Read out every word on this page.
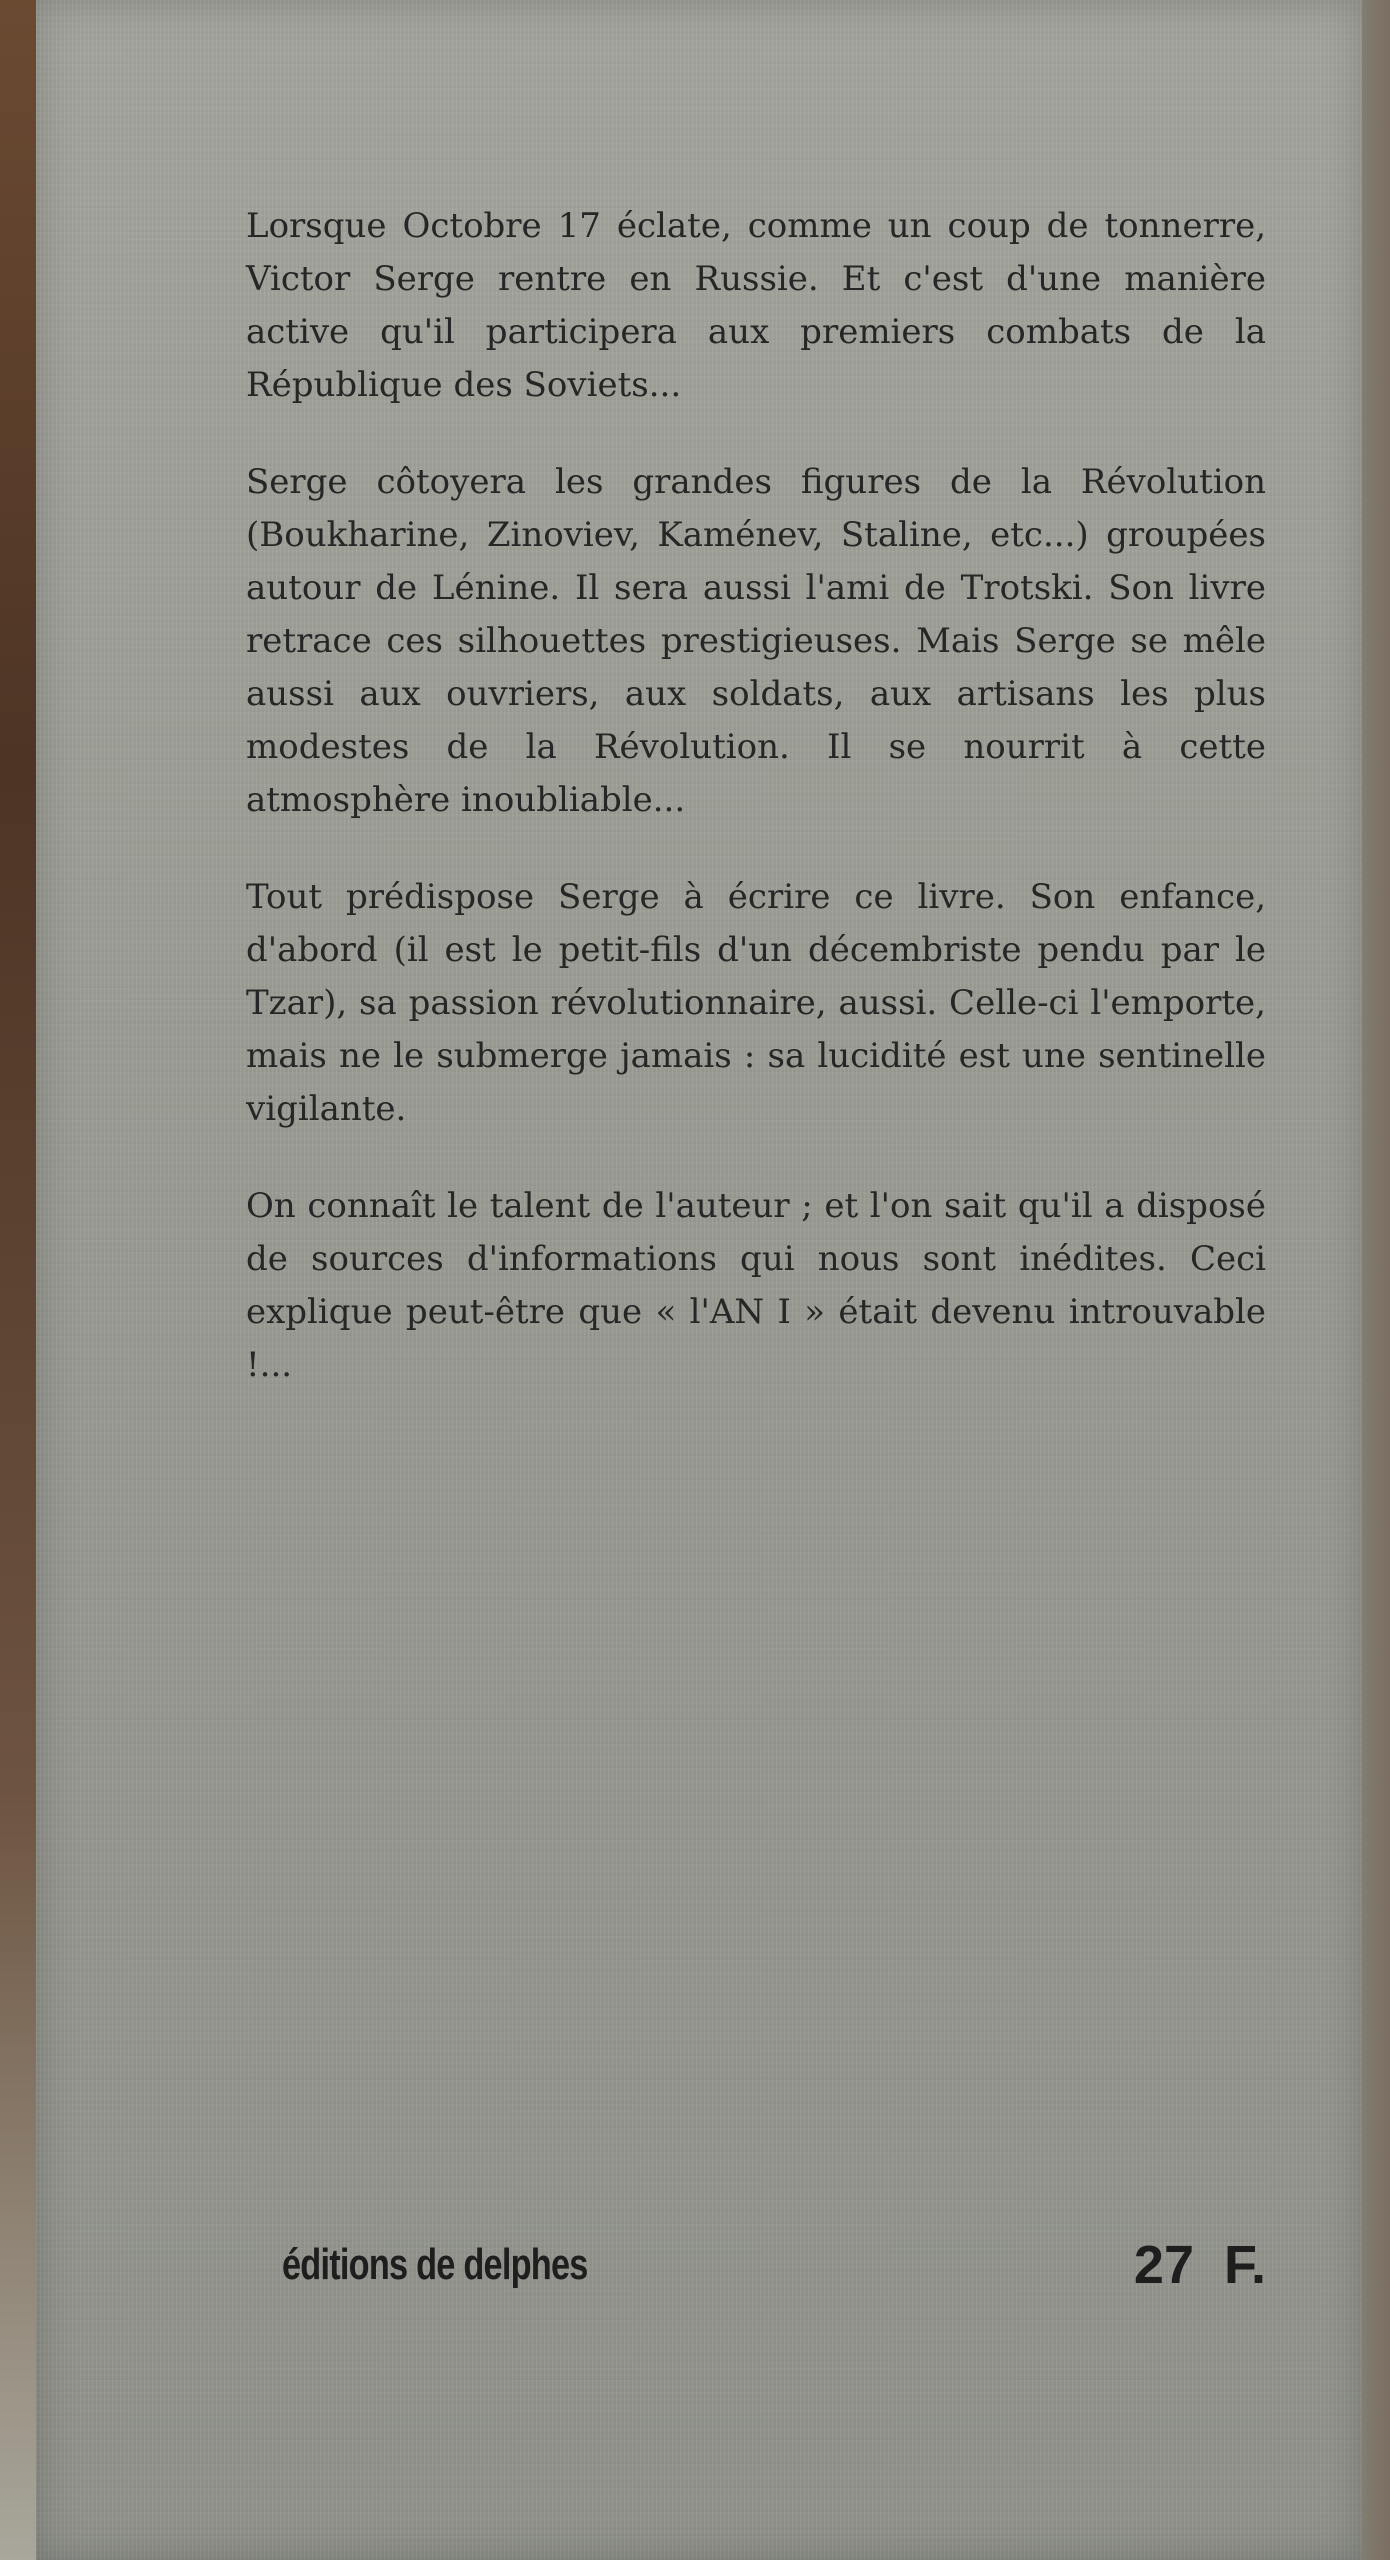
Lorsque Octobre 17 éclate, comme un coup de tonnerre, Victor Serge rentre en Russie. Et c'est d'une manière active qu'il participera aux premiers combats de la République des Soviets...

Serge côtoyera les grandes figures de la Révolution (Boukharine, Zinoviev, Kaménev, Staline, etc...) groupées autour de Lénine. Il sera aussi l'ami de Trotski. Son livre retrace ces silhouettes prestigieuses. Mais Serge se mêle aussi aux ouvriers, aux soldats, aux artisans les plus modestes de la Révolution. Il se nourrit à cette atmosphère inoubliable...

Tout prédispose Serge à écrire ce livre. Son enfance, d'abord (il est le petit-fils d'un décembriste pendu par le Tzar), sa passion révolutionnaire, aussi. Celle-ci l'emporte, mais ne le submerge jamais : sa lucidité est une sentinelle vigilante.

On connaît le talent de l'auteur ; et l'on sait qu'il a disposé de sources d'informations qui nous sont inédites. Ceci explique peut-être que « l'AN I » était devenu introuvable !...

éditions de delphes	27  F.
